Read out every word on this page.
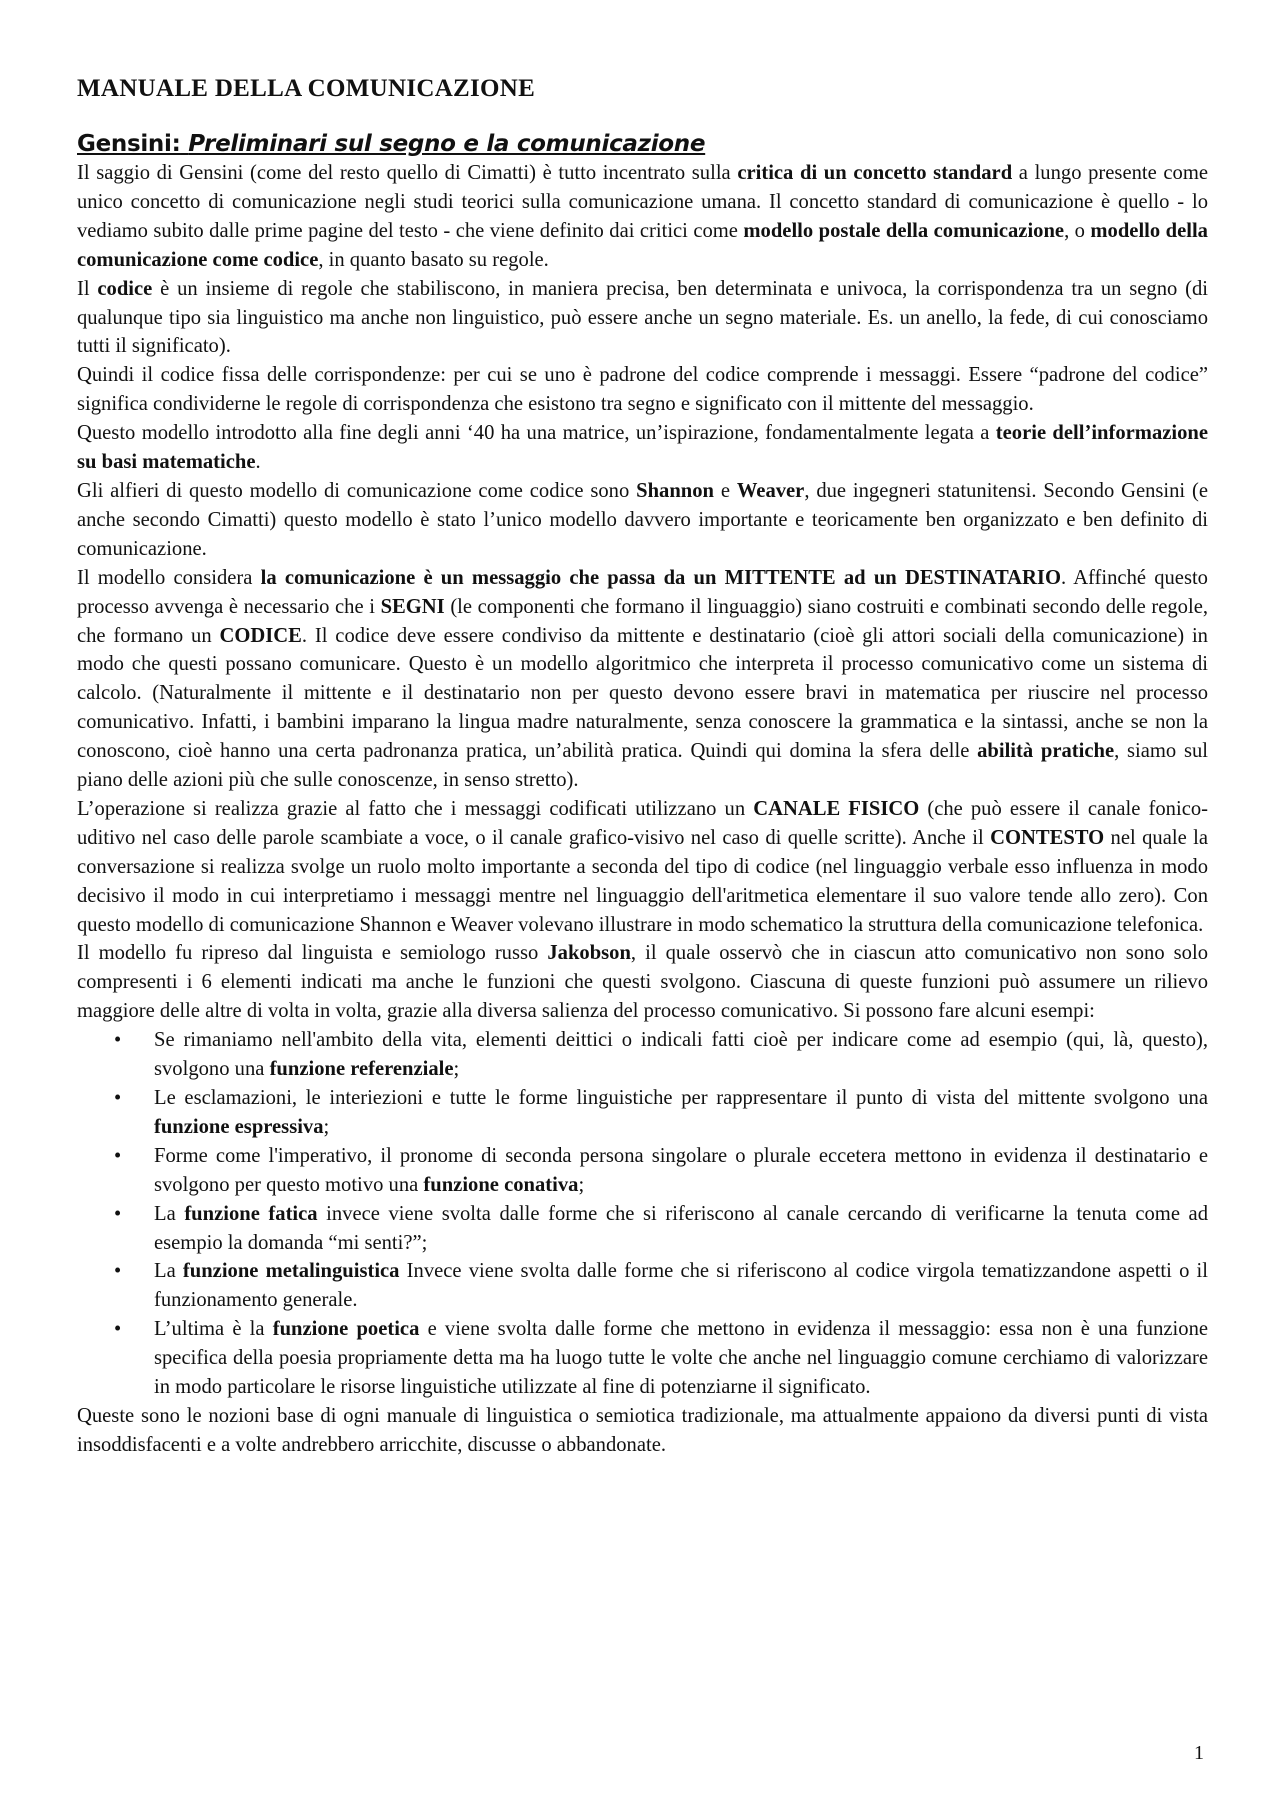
MANUALE DELLA COMUNICAZIONE
Gensini: Preliminari sul segno e la comunicazione

Il saggio di Gensini (come del resto quello di Cimatti) è tutto incentrato sulla critica di un concetto standard a lungo presente come unico concetto di comunicazione negli studi teorici sulla comunicazione umana. Il concetto standard di comunicazione è quello - lo vediamo subito dalle prime pagine del testo - che viene definito dai critici come modello postale della comunicazione, o modello della comunicazione come codice, in quanto basato su regole.

Il codice è un insieme di regole che stabiliscono, in maniera precisa, ben determinata e univoca, la corrispondenza tra un segno (di qualunque tipo sia linguistico ma anche non linguistico, può essere anche un segno materiale. Es. un anello, la fede, di cui conosciamo tutti il significato).

Quindi il codice fissa delle corrispondenze: per cui se uno è padrone del codice comprende i messaggi. Essere “padrone del codice” significa condividerne le regole di corrispondenza che esistono tra segno e significato con il mittente del messaggio.

Questo modello introdotto alla fine degli anni ‘40 ha una matrice, un’ispirazione, fondamentalmente legata a teorie dell’informazione su basi matematiche.

Gli alfieri di questo modello di comunicazione come codice sono Shannon e Weaver, due ingegneri statunitensi. Secondo Gensini (e anche secondo Cimatti) questo modello è stato l’unico modello davvero importante e teoricamente ben organizzato e ben definito di comunicazione.

Il modello considera la comunicazione è un messaggio che passa da un MITTENTE ad un DESTINATARIO. Affinché questo processo avvenga è necessario che i SEGNI (le componenti che formano il linguaggio) siano costruiti e combinati secondo delle regole, che formano un CODICE. Il codice deve essere condiviso da mittente e destinatario (cioè gli attori sociali della comunicazione) in modo che questi possano comunicare. Questo è un modello algoritmico che interpreta il processo comunicativo come un sistema di calcolo. (Naturalmente il mittente e il destinatario non per questo devono essere bravi in matematica per riuscire nel processo comunicativo. Infatti, i bambini imparano la lingua madre naturalmente, senza conoscere la grammatica e la sintassi, anche se non la conoscono, cioè hanno una certa padronanza pratica, un’abilità pratica. Quindi qui domina la sfera delle abilità pratiche, siamo sul piano delle azioni più che sulle conoscenze, in senso stretto).

L’operazione si realizza grazie al fatto che i messaggi codificati utilizzano un CANALE FISICO (che può essere il canale fonico-uditivo nel caso delle parole scambiate a voce, o il canale grafico-visivo nel caso di quelle scritte). Anche il CONTESTO nel quale la conversazione si realizza svolge un ruolo molto importante a seconda del tipo di codice (nel linguaggio verbale esso influenza in modo decisivo il modo in cui interpretiamo i messaggi mentre nel linguaggio dell'aritmetica elementare il suo valore tende allo zero). Con questo modello di comunicazione Shannon e Weaver volevano illustrare in modo schematico la struttura della comunicazione telefonica.

Il modello fu ripreso dal linguista e semiologo russo Jakobson, il quale osservò che in ciascun atto comunicativo non sono solo compresenti i 6 elementi indicati ma anche le funzioni che questi svolgono. Ciascuna di queste funzioni può assumere un rilievo maggiore delle altre di volta in volta, grazie alla diversa salienza del processo comunicativo. Si possono fare alcuni esempi:

• Se rimaniamo nell'ambito della vita, elementi deittici o indicali fatti cioè per indicare come ad esempio (qui, là, questo), svolgono una funzione referenziale;
• Le esclamazioni, le interiezioni e tutte le forme linguistiche per rappresentare il punto di vista del mittente svolgono una funzione espressiva;
• Forme come l'imperativo, il pronome di seconda persona singolare o plurale eccetera mettono in evidenza il destinatario e svolgono per questo motivo una funzione conativa;
• La funzione fatica invece viene svolta dalle forme che si riferiscono al canale cercando di verificarne la tenuta come ad esempio la domanda “mi senti?”;
• La funzione metalinguistica Invece viene svolta dalle forme che si riferiscono al codice virgola tematizzandone aspetti o il funzionamento generale.
• L’ultima è la funzione poetica e viene svolta dalle forme che mettono in evidenza il messaggio: essa non è una funzione specifica della poesia propriamente detta ma ha luogo tutte le volte che anche nel linguaggio comune cerchiamo di valorizzare in modo particolare le risorse linguistiche utilizzate al fine di potenziarne il significato.

Queste sono le nozioni base di ogni manuale di linguistica o semiotica tradizionale, ma attualmente appaiono da diversi punti di vista insoddisfacenti e a volte andrebbero arricchite, discusse o abbandonate.

1
